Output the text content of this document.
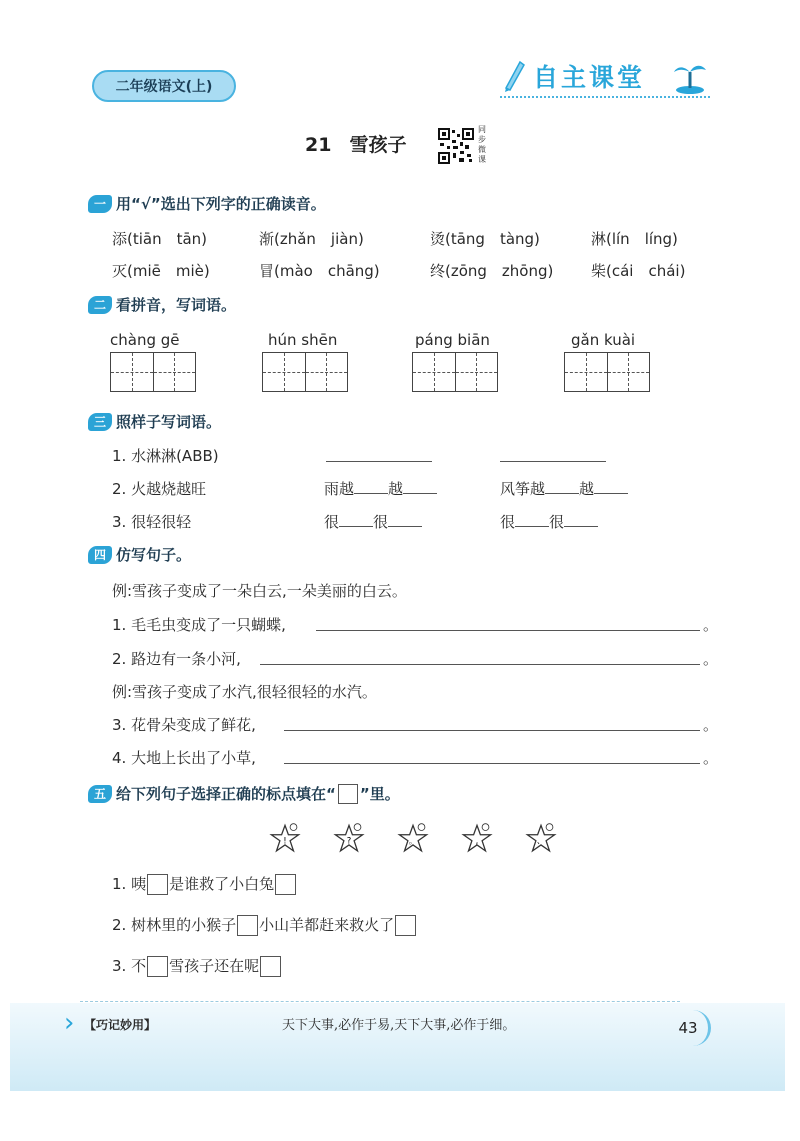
二年级语文(上)	自主课堂
21 雪孩子
同步微课
一 用“√”选出下列字的正确读音。
添(tiān　tān)	渐(zhǎn　jiàn)	烫(tāng　tàng)	淋(lín　líng)
灭(miē　miè)	冒(mào　chāng)	终(zōng　zhōng)	柴(cái　chái)
二 看拼音，写词语。
chàng gē	hún shēn	páng biān	gǎn kuài
三 照样子写词语。
1. 水淋淋(ABB)
2. 火越烧越旺	雨越 越	风筝越 越
3. 很轻很轻	很 很	很 很
四 仿写句子。
例:雪孩子变成了一朵白云,一朵美丽的白云。
1. 毛毛虫变成了一只蝴蝶,	。
2. 路边有一条小河,	。
例:雪孩子变成了水汽,很轻很轻的水汽。
3. 花骨朵变成了鲜花,	。
4. 大地上长出了小草,	。
五 给下列句子选择正确的标点填在“ ”里。
!	?	。	,	、
1. 咦 是谁救了小白兔
2. 树林里的小猴子 小山羊都赶来救火了
3. 不 雪孩子还在呢
› 【巧记妙用】	天下大事,必作于易,天下大事,必作于细。	43
